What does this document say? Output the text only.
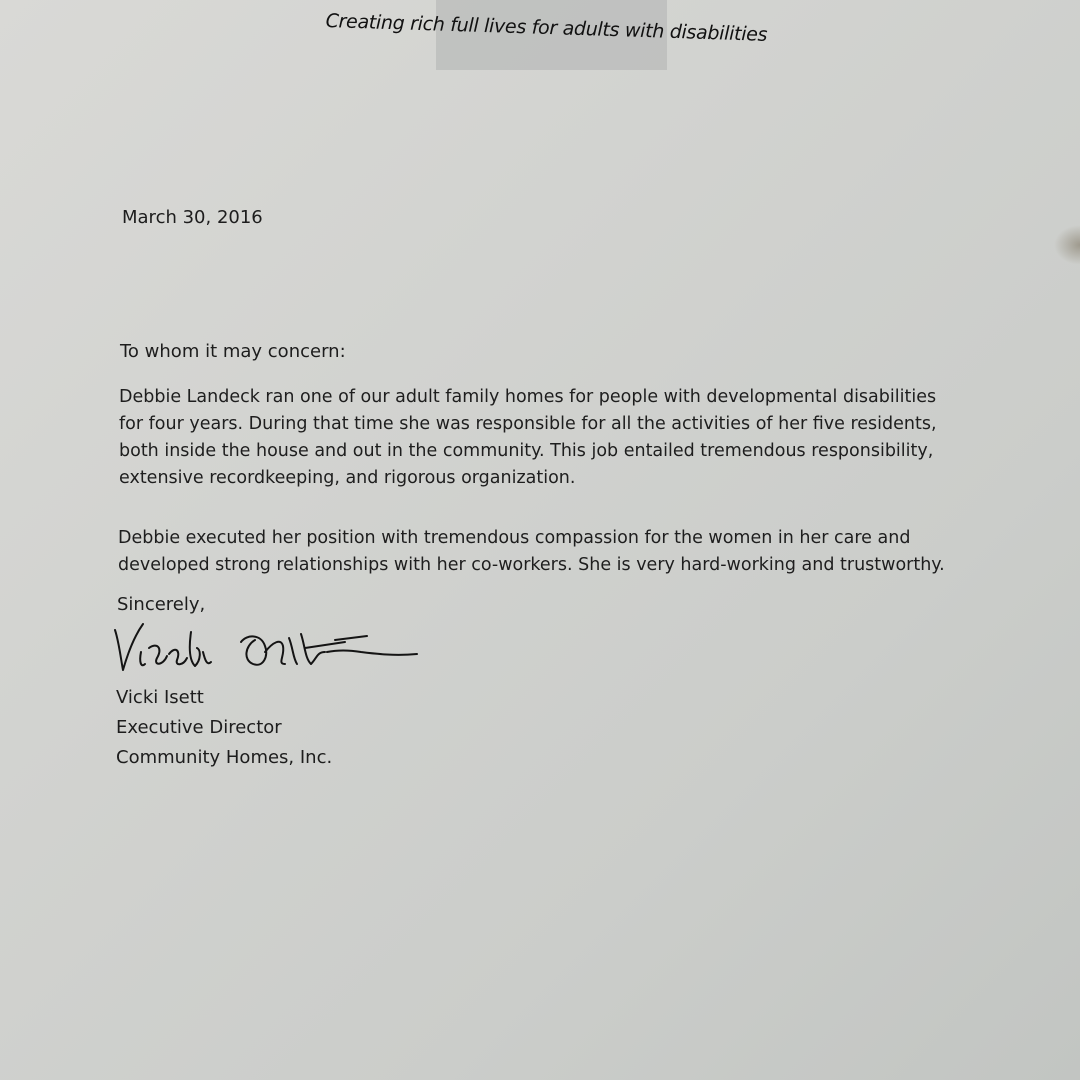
Creating rich full lives for adults with disabilities
March 30, 2016
To whom it may concern:

Debbie Landeck ran one of our adult family homes for people with developmental disabilities
for four years. During that time she was responsible for all the activities of her five residents,
both inside the house and out in the community. This job entailed tremendous responsibility,
extensive recordkeeping, and rigorous organization.

Debbie executed her position with tremendous compassion for the women in her care and
developed strong relationships with her co-workers. She is very hard-working and trustworthy.

Sincerely,
Vicki Isett
Vicki Isett
Executive Director
Community Homes, Inc.
